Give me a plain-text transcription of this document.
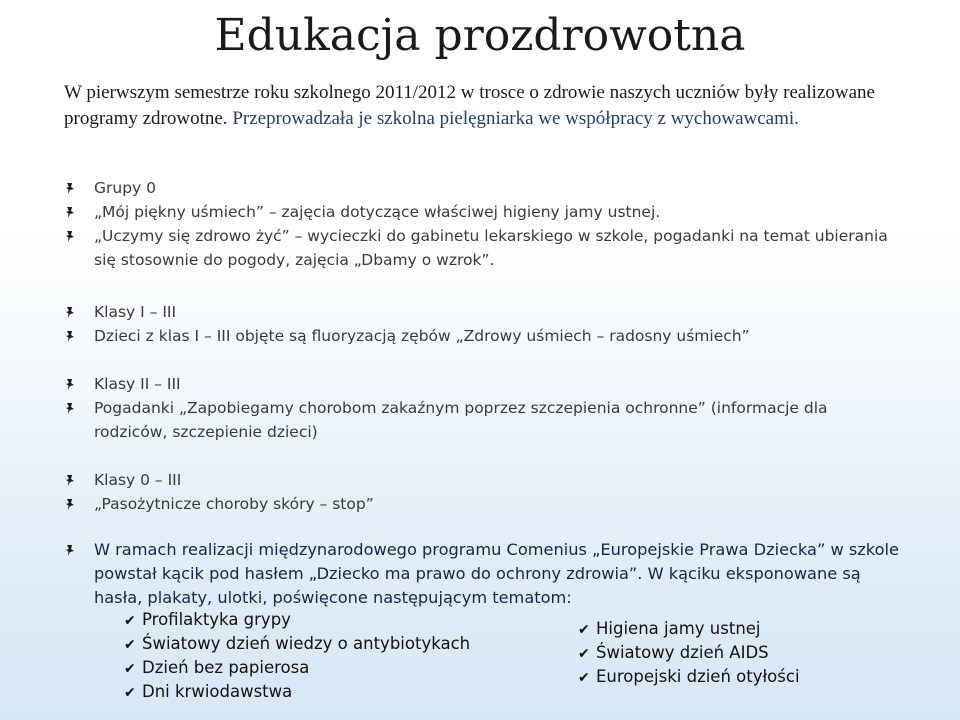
Edukacja prozdrowotna
W pierwszym semestrze roku szkolnego 2011/2012 w trosce o zdrowie naszych uczniów były realizowane programy zdrowotne. Przeprowadzała je szkolna pielęgniarka we współpracy z wychowawcami.
Grupy 0
„Mój piękny uśmiech” – zajęcia dotyczące właściwej higieny jamy ustnej.
„Uczymy się zdrowo żyć” – wycieczki do gabinetu lekarskiego w szkole, pogadanki na temat ubierania się stosownie do pogody, zajęcia „Dbamy o wzrok”.
Klasy I – III
Dzieci z klas I – III objęte są fluoryzacją zębów „Zdrowy uśmiech – radosny uśmiech”
Klasy II – III
Pogadanki „Zapobiegamy chorobom zakaźnym poprzez szczepienia ochronne” (informacje dla rodziców, szczepienie dzieci)
Klasy 0 – III
„Pasożytnicze choroby skóry – stop”
W ramach realizacji międzynarodowego programu Comenius „Europejskie Prawa Dziecka” w szkole powstał kącik pod hasłem „Dziecko ma prawo do ochrony zdrowia”. W kąciku eksponowane są hasła, plakaty, ulotki, poświęcone następującym tematom:
✔ Profilaktyka grypy
✔ Światowy dzień wiedzy o antybiotykach
✔ Dzień bez papierosa
✔ Dni krwiodawstwa
✔ Higiena jamy ustnej
✔ Światowy dzień AIDS
✔ Europejski dzień otyłości
